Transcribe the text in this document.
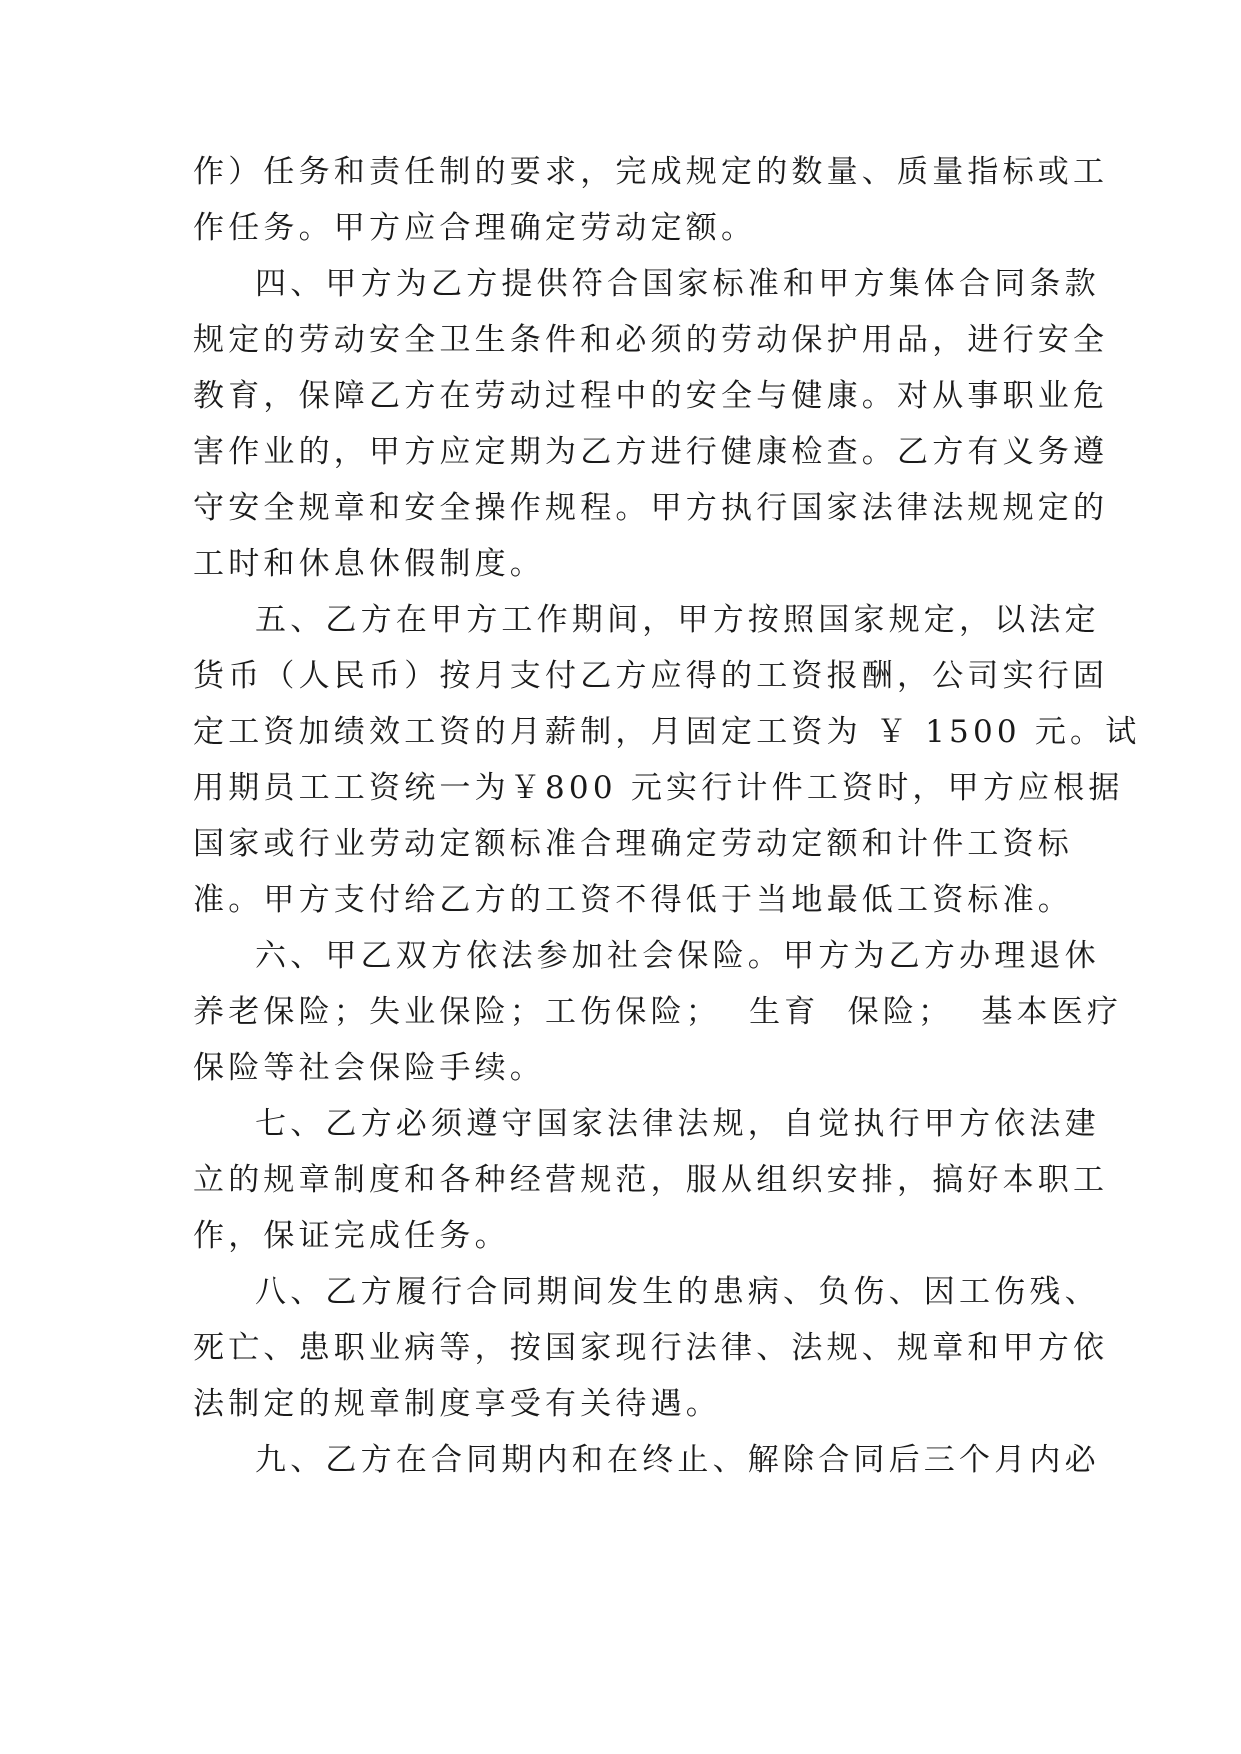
作）任务和责任制的要求，完成规定的数量、质量指标或工
作任务。甲方应合理确定劳动定额。
四、甲方为乙方提供符合国家标准和甲方集体合同条款
规定的劳动安全卫生条件和必须的劳动保护用品，进行安全
教育，保障乙方在劳动过程中的安全与健康。对从事职业危
害作业的，甲方应定期为乙方进行健康检查。乙方有义务遵
守安全规章和安全操作规程。甲方执行国家法律法规规定的
工时和休息休假制度。
五、乙方在甲方工作期间，甲方按照国家规定，以法定
货币（人民币）按月支付乙方应得的工资报酬，公司实行固
定工资加绩效工资的月薪制，月固定工资为 ￥ 1500 元。试
用期员工工资统一为￥800 元实行计件工资时，甲方应根据
国家或行业劳动定额标准合理确定劳动定额和计件工资标
准。甲方支付给乙方的工资不得低于当地最低工资标准。
六、甲乙双方依法参加社会保险。甲方为乙方办理退休
养老保险；失业保险；工伤保险；  生育  保险；  基本医疗
保险等社会保险手续。
七、乙方必须遵守国家法律法规，自觉执行甲方依法建
立的规章制度和各种经营规范，服从组织安排，搞好本职工
作，保证完成任务。
八、乙方履行合同期间发生的患病、负伤、因工伤残、
死亡、患职业病等，按国家现行法律、法规、规章和甲方依
法制定的规章制度享受有关待遇。
九、乙方在合同期内和在终止、解除合同后三个月内必
